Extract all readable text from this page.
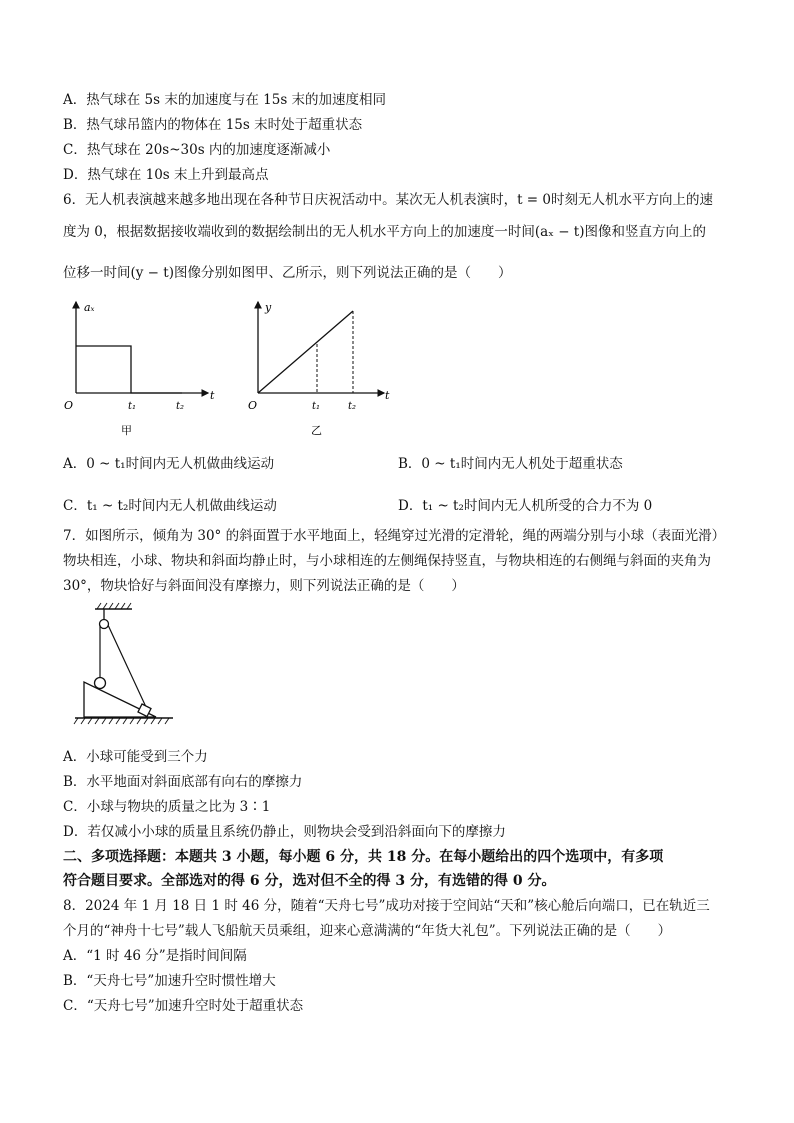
A．热气球在 5s 末的加速度与在 15s 末的加速度相同
B．热气球吊篮内的物体在 15s 末时处于超重状态
C．热气球在 20s~30s 内的加速度逐渐减小
D．热气球在 10s 末上升到最高点
6．无人机表演越来越多地出现在各种节日庆祝活动中。某次无人机表演时，t = 0时刻无人机水平方向上的速
度为 0，根据数据接收端收到的数据绘制出的无人机水平方向上的加速度一时间(aₓ − t)图像和竖直方向上的
位移一时间(y − t)图像分别如图甲、乙所示，则下列说法正确的是（　　）
aₓ
t
O	t₁	t₂
甲
y
t
O	t₁	t₂
乙
A．0 ~ t₁时间内无人机做曲线运动	B．0 ~ t₁时间内无人机处于超重状态
C．t₁ ~ t₂时间内无人机做曲线运动	D．t₁ ~ t₂时间内无人机所受的合力不为 0
7．如图所示，倾角为 30° 的斜面置于水平地面上，轻绳穿过光滑的定滑轮，绳的两端分别与小球（表面光滑）
物块相连，小球、物块和斜面均静止时，与小球相连的左侧绳保持竖直，与物块相连的右侧绳与斜面的夹角为
30°，物块恰好与斜面间没有摩擦力，则下列说法正确的是（　　）
A．小球可能受到三个力
B．水平地面对斜面底部有向右的摩擦力
C．小球与物块的质量之比为 3∶1
D．若仅减小小球的质量且系统仍静止，则物块会受到沿斜面向下的摩擦力
二、多项选择题：本题共 3 小题，每小题 6 分，共 18 分。在每小题给出的四个选项中，有多项
符合题目要求。全部选对的得 6 分，选对但不全的得 3 分，有选错的得 0 分。
8．2024 年 1 月 18 日 1 时 46 分，随着“天舟七号”成功对接于空间站“天和”核心舱后向端口，已在轨近三
个月的“神舟十七号”载人飞船航天员乘组，迎来心意满满的“年货大礼包”。下列说法正确的是（　　）
A．“1 时 46 分”是指时间间隔
B．“天舟七号”加速升空时惯性增大
C．“天舟七号”加速升空时处于超重状态
